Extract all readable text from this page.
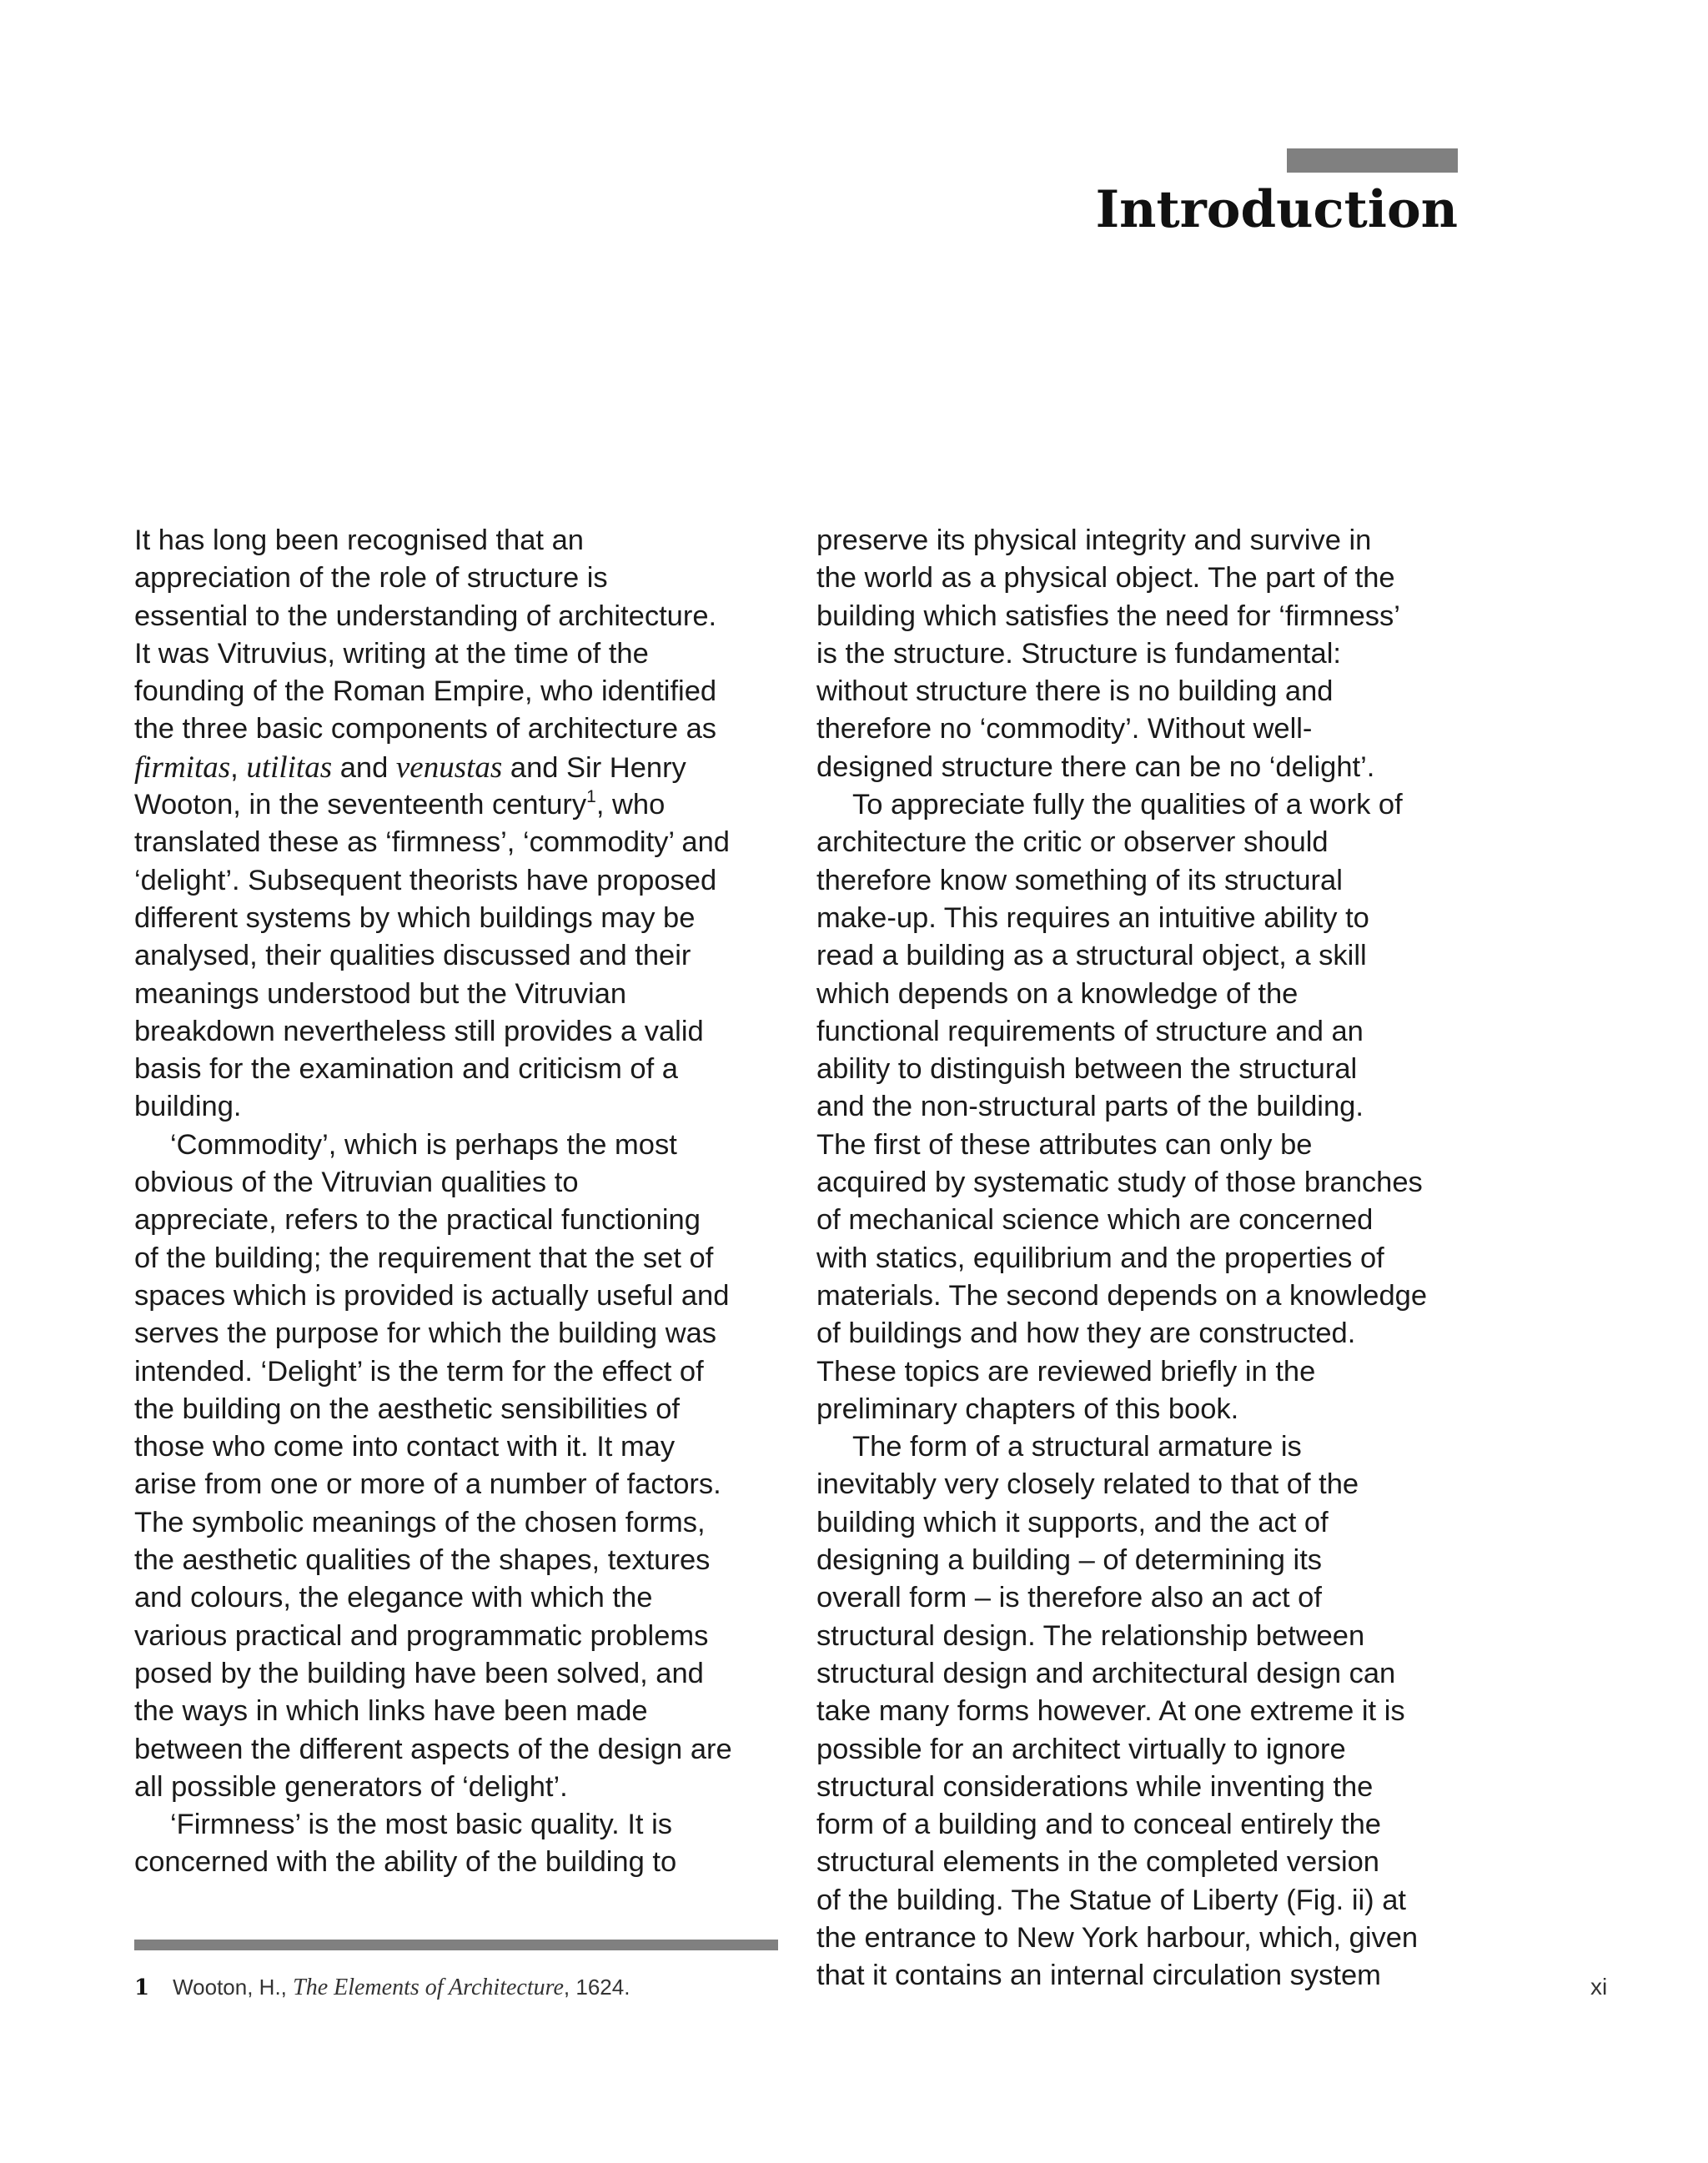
Introduction
It has long been recognised that an
appreciation of the role of structure is
essential to the understanding of architecture.
It was Vitruvius, writing at the time of the
founding of the Roman Empire, who identified
the three basic components of architecture as
firmitas, utilitas and venustas and Sir Henry
Wooton, in the seventeenth century$^1$, who
translated these as ‘firmness’, ‘commodity’ and
‘delight’. Subsequent theorists have proposed
different systems by which buildings may be
analysed, their qualities discussed and their
meanings understood but the Vitruvian
breakdown nevertheless still provides a valid
basis for the examination and criticism of a
building.
‘Commodity’, which is perhaps the most
obvious of the Vitruvian qualities to
appreciate, refers to the practical functioning
of the building; the requirement that the set of
spaces which is provided is actually useful and
serves the purpose for which the building was
intended. ‘Delight’ is the term for the effect of
the building on the aesthetic sensibilities of
those who come into contact with it. It may
arise from one or more of a number of factors.
The symbolic meanings of the chosen forms,
the aesthetic qualities of the shapes, textures
and colours, the elegance with which the
various practical and programmatic problems
posed by the building have been solved, and
the ways in which links have been made
between the different aspects of the design are
all possible generators of ‘delight’.
‘Firmness’ is the most basic quality. It is
concerned with the ability of the building to
preserve its physical integrity and survive in
the world as a physical object. The part of the
building which satisfies the need for ‘firmness’
is the structure. Structure is fundamental:
without structure there is no building and
therefore no ‘commodity’. Without well-
designed structure there can be no ‘delight’.
To appreciate fully the qualities of a work of
architecture the critic or observer should
therefore know something of its structural
make-up. This requires an intuitive ability to
read a building as a structural object, a skill
which depends on a knowledge of the
functional requirements of structure and an
ability to distinguish between the structural
and the non-structural parts of the building.
The first of these attributes can only be
acquired by systematic study of those branches
of mechanical science which are concerned
with statics, equilibrium and the properties of
materials. The second depends on a knowledge
of buildings and how they are constructed.
These topics are reviewed briefly in the
preliminary chapters of this book.
The form of a structural armature is
inevitably very closely related to that of the
building which it supports, and the act of
designing a building – of determining its
overall form – is therefore also an act of
structural design. The relationship between
structural design and architectural design can
take many forms however. At one extreme it is
possible for an architect virtually to ignore
structural considerations while inventing the
form of a building and to conceal entirely the
structural elements in the completed version
of the building. The Statue of Liberty (Fig. ii) at
the entrance to New York harbour, which, given
that it contains an internal circulation system
1 Wooton, H., The Elements of Architecture, 1624.	xi
